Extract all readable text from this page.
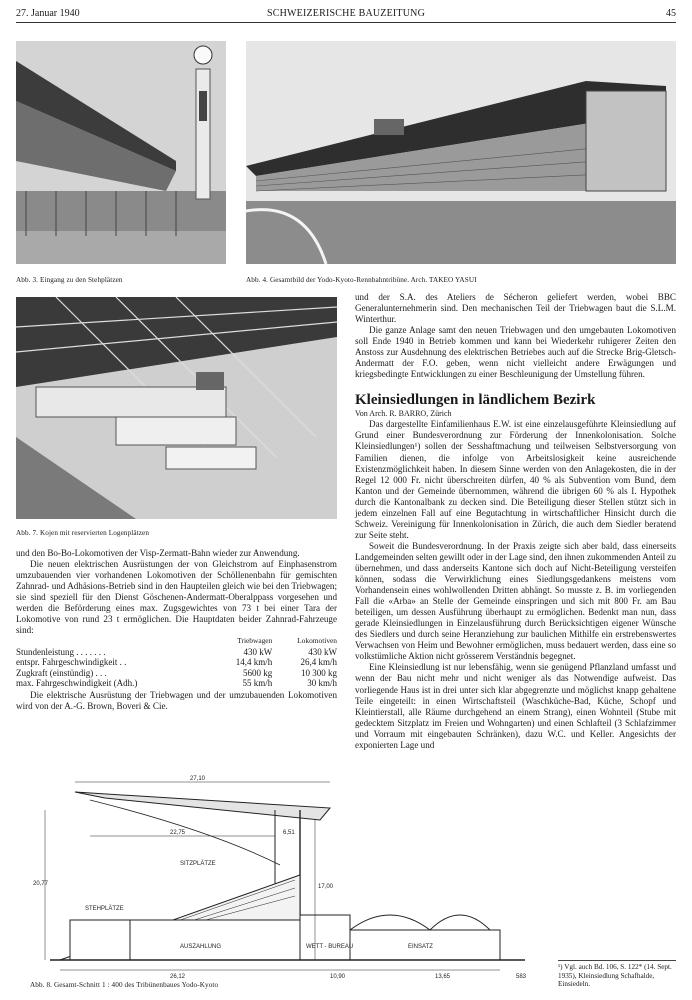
27. Januar 1940	SCHWEIZERISCHE BAUZEITUNG	45
Abb. 3. Eingang zu den Stehplätzen	Abb. 4. Gesamtbild der Yodo-Kyoto-Rennbahntribüne. Arch. TAKEO YASUI
Abb. 7. Kojen mit reservierten Logenplätzen

und den Bo-Bo-Lokomotiven der Visp-Zermatt-Bahn wieder zur Anwendung.

Die neuen elektrischen Ausrüstungen der von Gleichstrom auf Einphasenstrom umzubauenden vier vorhandenen Lokomotiven der Schöllenenbahn für gemischten Zahnrad- und Adhäsions-Betrieb sind in den Haupteilen gleich wie bei den Triebwagen; sie sind speziell für den Dienst Göschenen-Andermatt-Oberalppass vorgesehen und werden die Beförderung eines max. Zugsgewichtes von 73 t bei einer Tara der Lokomotive von rund 23 t ermöglichen. Die Hauptdaten beider Zahnrad-Fahrzeuge sind:

	Triebwagen	Lokomotiven
Stundenleistung . . . . . . .	430 kW	430 kW
entspr. Fahrgeschwindigkeit . .	14,4 km/h	26,4 km/h
Zugkraft (einstündig) . . .	5600 kg	10 300 kg
max. Fahrgeschwindigkeit (Adh.)	55 km/h	30 km/h

Die elektrische Ausrüstung der Triebwagen und der umzubauenden Lokomotiven wird von der A.-G. Brown, Boveri & Cie.

27,10
22,75	6,51
20,77	17,00
SITZPLÄTZE
STEHPLÄTZE
AUSZAHLUNG	WETT - BUREAU	EINSATZ
26,12	10,90	13,65	583
Abb. 8. Gesamt-Schnitt 1 : 400 des Tribünenbaues Yodo-Kyoto

und der S.A. des Ateliers de Sécheron geliefert werden, wobei BBC Generalunternehmerin sind. Den mechanischen Teil der Triebwagen baut die S.L.M. Winterthur.

Die ganze Anlage samt den neuen Triebwagen und den umgebauten Lokomotiven soll Ende 1940 in Betrieb kommen und kann bei Wiederkehr ruhigerer Zeiten den Anstoss zur Ausdehnung des elektrischen Betriebes auch auf die Strecke Brig-Gletsch-Andermatt der F.O. geben, wenn nicht vielleicht andere Erwägungen und kriegsbedingte Entwicklungen zu einer Beschleunigung der Umstellung führen.

Kleinsiedlungen in ländlichem Bezirk

Von Arch. R. BARRO, Zürich

Das dargestellte Einfamilienhaus E.W. ist eine einzelausgeführte Kleinsiedlung auf Grund einer Bundesverordnung zur Förderung der Innenkolonisation. Solche Kleinsiedlungen¹) sollen der Sesshaftmachung und teilweisen Selbstversorgung von Familien dienen, die infolge von Arbeitslosigkeit keine ausreichende Existenzmöglichkeit haben. In diesem Sinne werden von den Anlagekosten, die in der Regel 12 000 Fr. nicht überschreiten dürfen, 40 % als Subvention vom Bund, dem Kanton und der Gemeinde übernommen, während die übrigen 60 % als I. Hypothek durch die Kantonalbank zu decken sind. Die Beteiligung dieser Stellen stützt sich in jedem einzelnen Fall auf eine Begutachtung in wirtschaftlicher Hinsicht durch die Schweiz. Vereinigung für Innenkolonisation in Zürich, die auch dem Siedler beratend zur Seite steht.

Soweit die Bundesverordnung. In der Praxis zeigte sich aber bald, dass einerseits Landgemeinden selten gewillt oder in der Lage sind, den ihnen zukommenden Anteil zu übernehmen, und dass anderseits Kantone sich doch auf Nicht-Beteiligung versteifen können, sodass die Verwirklichung eines Siedlungsgedankens meistens vom Vorhandensein eines wohlwollenden Dritten abhängt. So musste z. B. im vorliegenden Fall die «Arba» an Stelle der Gemeinde einspringen und sich mit 800 Fr. am Bau beteiligen, um dessen Ausführung überhaupt zu ermöglichen. Bedenkt man nun, dass gerade Kleinsiedlungen in Einzelausführung durch Berücksichtigen eigener Wünsche des Siedlers und durch seine Heranziehung zur baulichen Mithilfe ein erstrebenswertes Verwachsen von Heim und Bewohner ermöglichen, muss bedauert werden, dass eine so volkstümliche Aktion nicht grösserem Verständnis begegnet.

Eine Kleinsiedlung ist nur lebensfähig, wenn sie genügend Pflanzland umfasst und wenn der Bau nicht mehr und nicht weniger als das Notwendige aufweist. Das vorliegende Haus ist in drei unter sich klar abgegrenzte und möglichst knapp gehaltene Teile eingeteilt: in einen Wirtschaftsteil (Waschküche-Bad, Küche, Schopf und Kleintierstall, alle Räume durchgehend an einem Strang), einen Wohnteil (Stube mit gedecktem Sitzplatz im Freien und Wohngarten) und einen Schlafteil (3 Schlafzimmer und Vorraum mit eingebauten Schränken), dazu W.C. und Keller. Angesichts der exponierten Lage und

¹) Vgl. auch Bd. 106, S. 122* (14. Sept. 1935), Kleinsiedlung Schafhalde, Einsiedeln.
